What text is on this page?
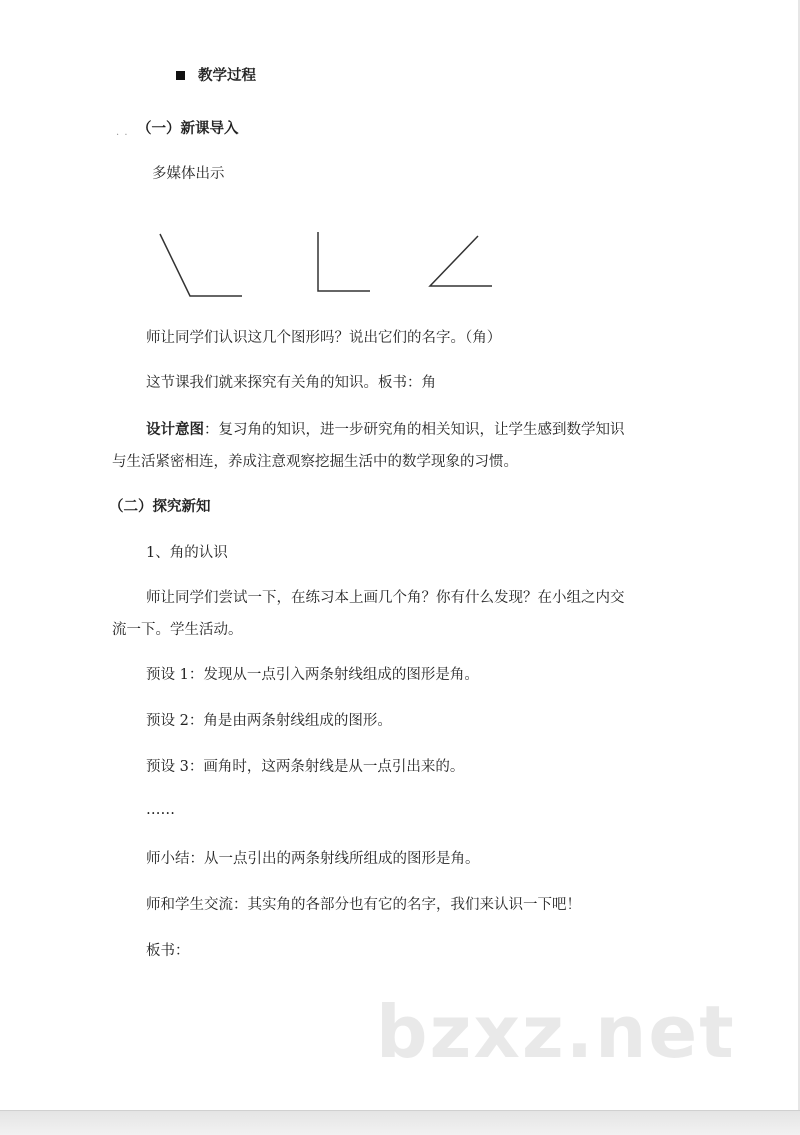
教学过程
· · （一）新课导入
多媒体出示
师让同学们认识这几个图形吗？说出它们的名字。（角）
这节课我们就来探究有关角的知识。板书：角
设计意图：复习角的知识，进一步研究角的相关知识，让学生感到数学知识
与生活紧密相连，养成注意观察挖掘生活中的数学现象的习惯。
（二）探究新知
1、角的认识
师让同学们尝试一下，在练习本上画几个角？你有什么发现？在小组之内交
流一下。学生活动。
预设 1：发现从一点引入两条射线组成的图形是角。
预设 2：角是由两条射线组成的图形。
预设 3：画角时，这两条射线是从一点引出来的。
……
师小结：从一点引出的两条射线所组成的图形是角。
师和学生交流：其实角的各部分也有它的名字，我们来认识一下吧！
板书：
bzxz.net
